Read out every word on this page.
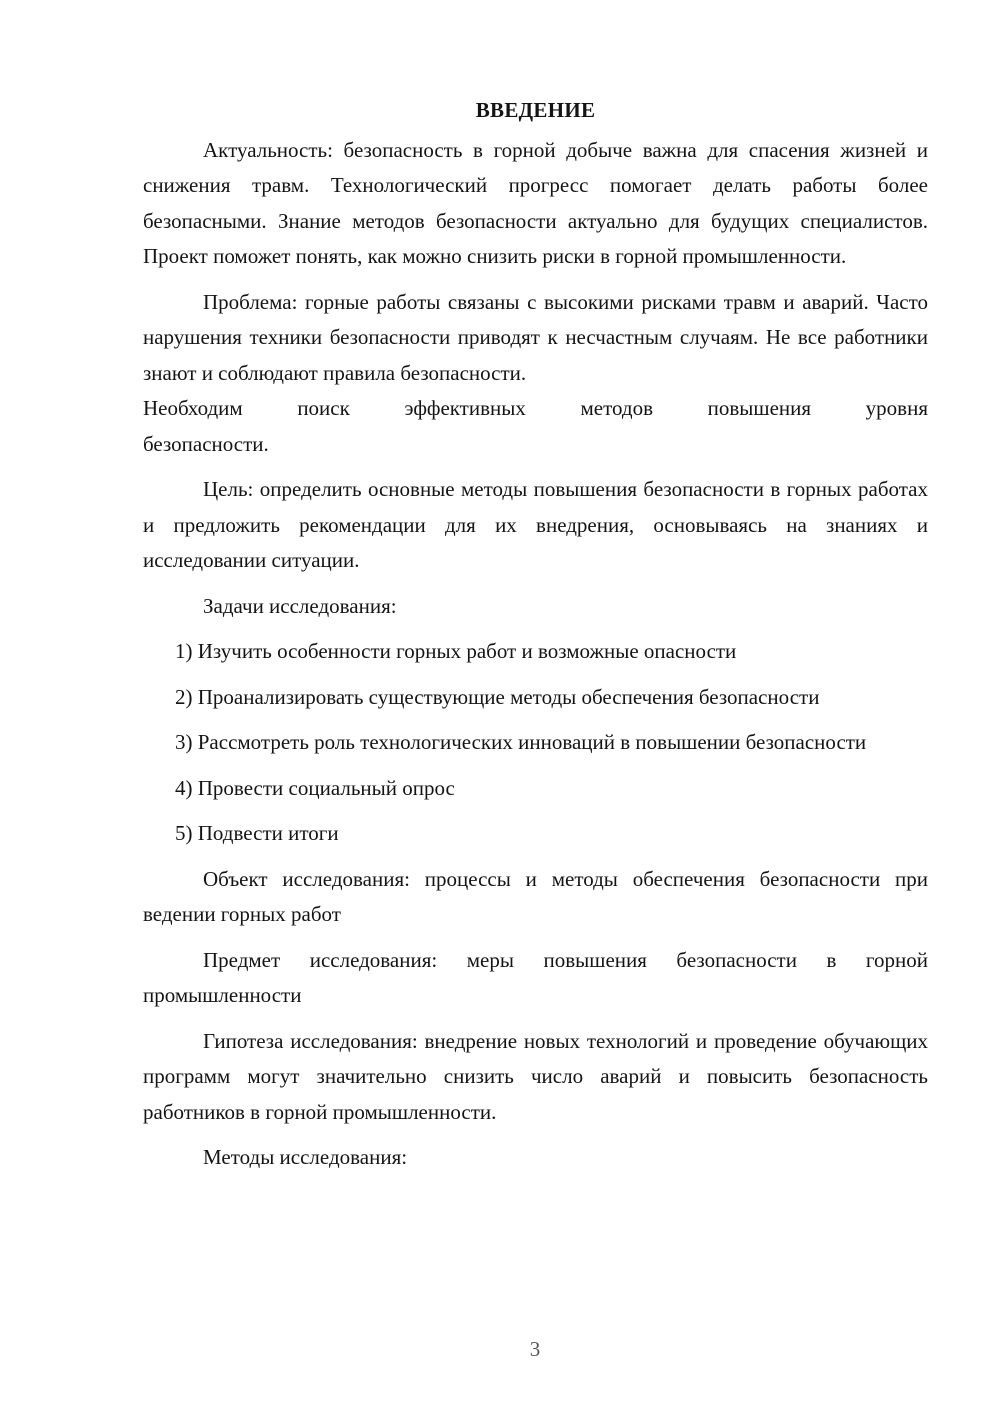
ВВЕДЕНИЕ

Актуальность: безопасность в горной добыче важна для спасения жизней и снижения травм. Технологический прогресс помогает делать работы более безопасными. Знание методов безопасности актуально для будущих специалистов. Проект поможет понять, как можно снизить риски в горной промышленности.

Проблема: горные работы связаны с высокими рисками травм и аварий. Часто нарушения техники безопасности приводят к несчастным случаям. Не все работники знают и соблюдают правила безопасности.
Необходим поиск эффективных методов повышения уровня
безопасности.

Цель: определить основные методы повышения безопасности в горных работах и предложить рекомендации для их внедрения, основываясь на знаниях и исследовании ситуации.

Задачи исследования:

1) Изучить особенности горных работ и возможные опасности

2) Проанализировать существующие методы обеспечения безопасности

3) Рассмотреть роль технологических инноваций в повышении безопасности

4) Провести социальный опрос

5) Подвести итоги

Объект исследования: процессы и методы обеспечения безопасности при ведении горных работ

Предмет исследования: меры повышения безопасности в горной промышленности

Гипотеза исследования: внедрение новых технологий и проведение обучающих программ могут значительно снизить число аварий и повысить безопасность работников в горной промышленности.

Методы исследования:

3
